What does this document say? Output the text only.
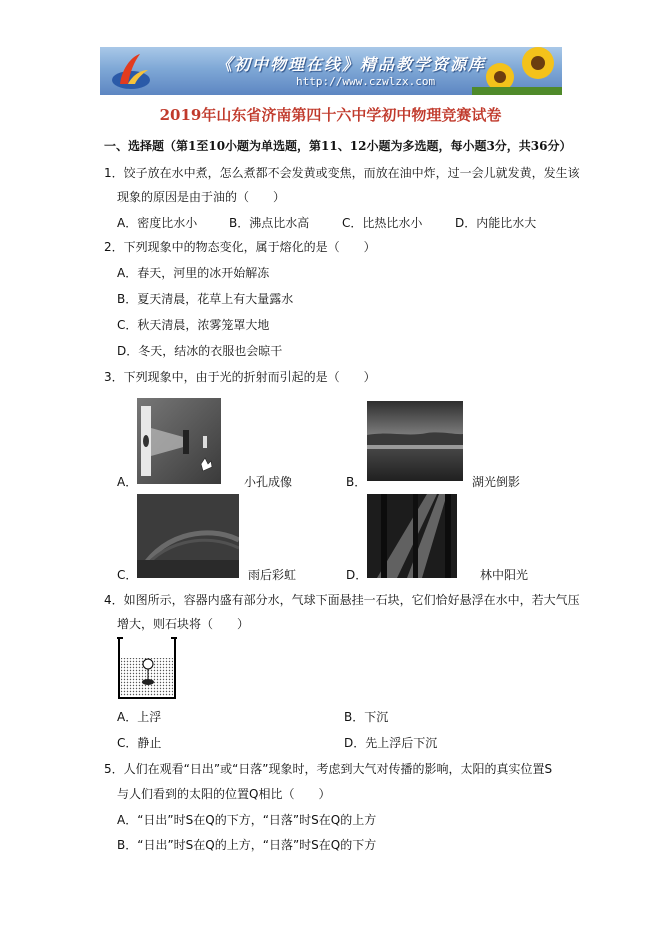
《初中物理在线》精品教学资源库
http://www.czwlzx.com
2019年山东省济南第四十六中学初中物理竞赛试卷
一、选择题（第1至10小题为单选题，第11、12小题为多选题，每小题3分，共36分）
1．饺子放在水中煮，怎么煮都不会发黄或变焦，而放在油中炸，过一会儿就发黄，发生该
现象的原因是由于油的（　　）
A．密度比水小	B．沸点比水高	C．比热比水小	D．内能比水大
2．下列现象中的物态变化，属于熔化的是（　　）
A．春天，河里的冰开始解冻
B．夏天清晨，花草上有大量露水
C．秋天清晨，浓雾笼罩大地
D．冬天，结冰的衣服也会晾干
3．下列现象中，由于光的折射而引起的是（　　）
A．	小孔成像	B．	湖光倒影
C．	雨后彩虹	D．	林中阳光
4．如图所示，容器内盛有部分水，气球下面悬挂一石块，它们恰好悬浮在水中，若大气压
增大，则石块将（　　）
A．上浮	B．下沉
C．静止	D．先上浮后下沉
5．人们在观看“日出”或“日落”现象时，考虑到大气对传播的影响，太阳的真实位置S
与人们看到的太阳的位置Q相比（　　）
A．“日出”时S在Q的下方，“日落”时S在Q的上方
B．“日出”时S在Q的上方，“日落”时S在Q的下方
